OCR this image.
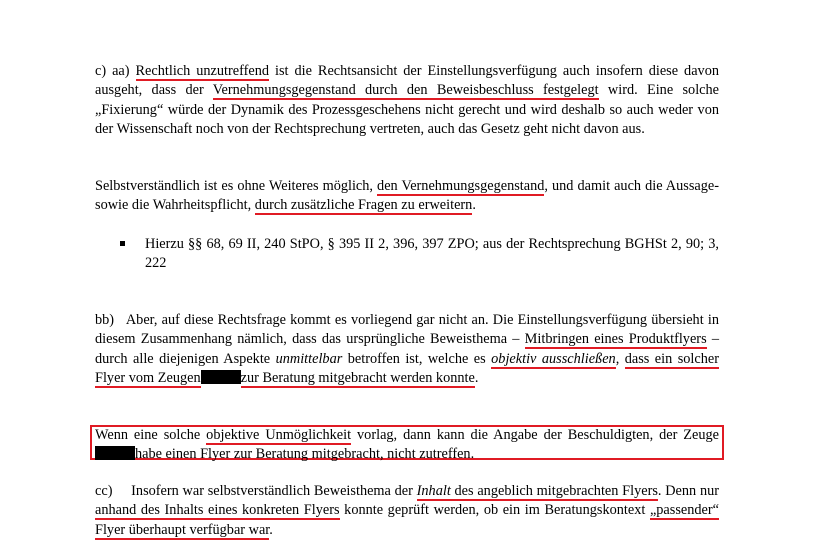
c) aa) Rechtlich unzutreffend ist die Rechtsansicht der Einstellungsverfügung auch insofern diese davon ausgeht, dass der Vernehmungsgegenstand durch den Beweisbeschluss festgelegt wird. Eine solche „Fixierung“ würde der Dynamik des Prozessgeschehens nicht gerecht und wird deshalb so auch weder von der Wissenschaft noch von der Rechtsprechung vertreten, auch das Gesetz geht nicht davon aus.

Selbstverständlich ist es ohne Weiteres möglich, den Vernehmungsgegenstand, und damit auch die Aussage- sowie die Wahrheitspflicht, durch zusätzliche Fragen zu erweitern.

Hierzu §§ 68, 69 II, 240 StPO, § 395 II 2, 396, 397 ZPO; aus der Rechtsprechung BGHSt 2, 90; 3, 222

bb)   Aber, auf diese Rechtsfrage kommt es vorliegend gar nicht an. Die Einstellungsverfügung übersieht in diesem Zusammenhang nämlich, dass das ursprüngliche Beweisthema – Mitbringen eines Produktflyers – durch alle diejenigen Aspekte unmittelbar betroffen ist, welche es objektiv ausschließen, dass ein solcher Flyer vom Zeugen	zur Beratung mitgebracht werden konnte.

Wenn eine solche objektive Unmöglichkeit vorlag, dann kann die Angabe der Beschuldigten, der Zeugehabe einen Flyer zur Beratung mitgebracht, nicht zutreffen.

cc)     Insofern war selbstverständlich Beweisthema der Inhalt des angeblich mitgebrachten Flyers. Denn nur anhand des Inhalts eines konkreten Flyers konnte geprüft werden, ob ein im Beratungskontext „passender“ Flyer überhaupt verfügbar war.
